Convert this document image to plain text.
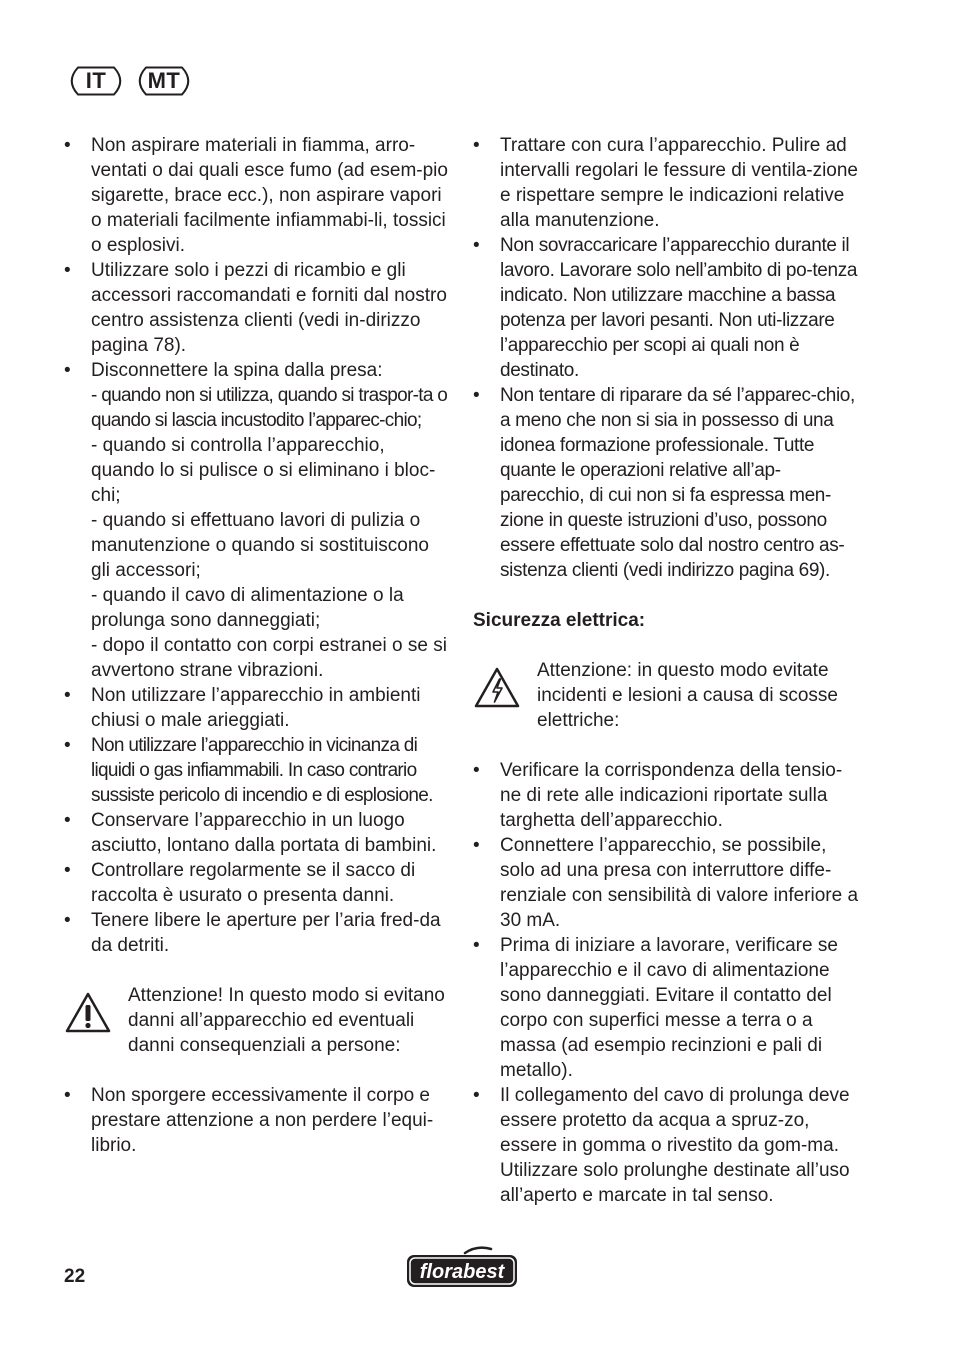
IT	MT
• Non aspirare materiali in fiamma, arro-ventati o dai quali esce fumo (ad esem-pio sigarette, brace ecc.), non aspirare vapori o materiali facilmente infiammabi-li, tossici o esplosivi.
• Utilizzare solo i pezzi di ricambio e gli accessori raccomandati e forniti dal nostro centro assistenza clienti (vedi in-dirizzo pagina 78).
• Disconnettere la spina dalla presa:
- quando non si utilizza, quando si traspor-ta o quando si lascia incustodito l’apparec-chio;
- quando si controlla l’apparecchio, quando lo si pulisce o si eliminano i bloc-chi;
- quando si effettuano lavori di pulizia o manutenzione o quando si sostituiscono gli accessori;
- quando il cavo di alimentazione o la prolunga sono danneggiati;
- dopo il contatto con corpi estranei o se si avvertono strane vibrazioni.
• Non utilizzare l’apparecchio in ambienti chiusi o male arieggiati.
• Non utilizzare l’apparecchio in vicinanza di liquidi o gas infiammabili. In caso contrario sussiste pericolo di incendio e di esplosione.
• Conservare l’apparecchio in un luogo asciutto, lontano dalla portata di bambini.
• Controllare regolarmente se il sacco di raccolta è usurato o presenta danni.
• Tenere libere le aperture per l’aria fred-da da detriti.
Attenzione! In questo modo si evitano danni all’apparecchio ed eventuali danni consequenziali a persone:
• Non sporgere eccessivamente il corpo e prestare attenzione a non perdere l’equi-librio.
• Trattare con cura l’apparecchio. Pulire ad intervalli regolari le fessure di ventila-zione e rispettare sempre le indicazioni relative alla manutenzione.
• Non sovraccaricare l’apparecchio durante il lavoro. Lavorare solo nell’ambito di po-tenza indicato. Non utilizzare macchine a bassa potenza per lavori pesanti. Non uti-lizzare l’apparecchio per scopi ai quali non è destinato.
• Non tentare di riparare da sé l’apparec-chio, a meno che non si sia in possesso di una idonea formazione professionale. Tutte quante le operazioni relative all’ap-parecchio, di cui non si fa espressa men-zione in queste istruzioni d’uso, possono essere effettuate solo dal nostro centro as-sistenza clienti (vedi indirizzo pagina 69).
Sicurezza elettrica:
Attenzione: in questo modo evitate incidenti e lesioni a causa di scosse elettriche:
• Verificare la corrispondenza della tensio-ne di rete alle indicazioni riportate sulla targhetta dell’apparecchio.
• Connettere l’apparecchio, se possibile, solo ad una presa con interruttore diffe-renziale con sensibilità di valore inferiore a 30 mA.
• Prima di iniziare a lavorare, verificare se l’apparecchio e il cavo di alimentazione sono danneggiati. Evitare il contatto del corpo con superfici messe a terra o a massa (ad esempio recinzioni e pali di metallo).
• Il collegamento del cavo di prolunga deve essere protetto da acqua a spruz-zo, essere in gomma o rivestito da gom-ma. Utilizzare solo prolunghe destinate all’uso all’aperto e marcate in tal senso.
22	florabest
